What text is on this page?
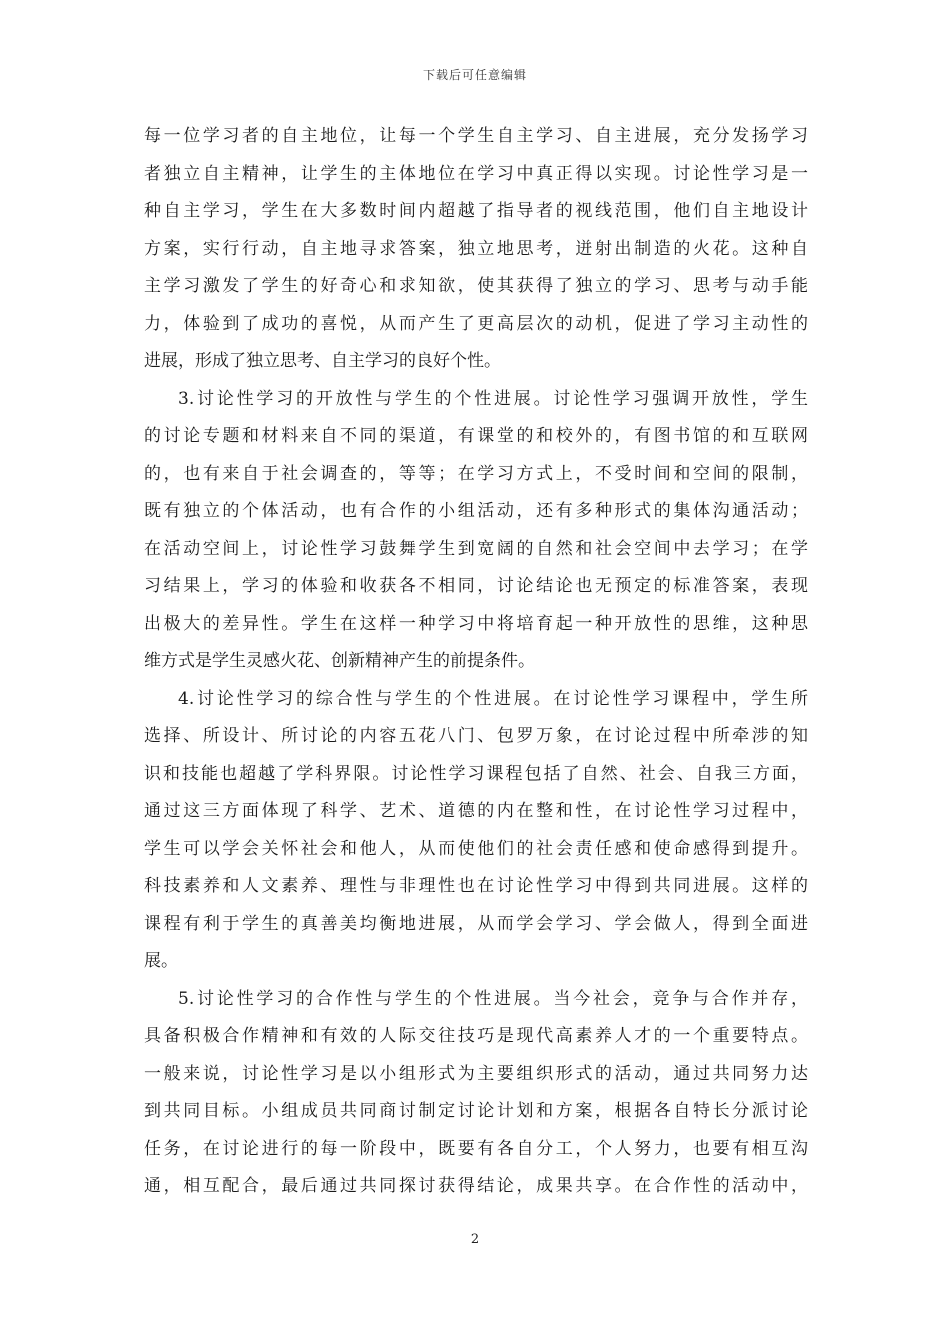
下载后可任意编辑
每一位学习者的自主地位，让每一个学生自主学习、自主进展，充分发扬学习
者独立自主精神，让学生的主体地位在学习中真正得以实现。讨论性学习是一
种自主学习，学生在大多数时间内超越了指导者的视线范围，他们自主地设计
方案，实行行动，自主地寻求答案，独立地思考，迸射出制造的火花。这种自
主学习激发了学生的好奇心和求知欲，使其获得了独立的学习、思考与动手能
力，体验到了成功的喜悦，从而产生了更高层次的动机，促进了学习主动性的
进展，形成了独立思考、自主学习的良好个性。
3.讨论性学习的开放性与学生的个性进展。讨论性学习强调开放性，学生
的讨论专题和材料来自不同的渠道，有课堂的和校外的，有图书馆的和互联网
的，也有来自于社会调查的，等等；在学习方式上，不受时间和空间的限制，
既有独立的个体活动，也有合作的小组活动，还有多种形式的集体沟通活动；
在活动空间上，讨论性学习鼓舞学生到宽阔的自然和社会空间中去学习；在学
习结果上，学习的体验和收获各不相同，讨论结论也无预定的标准答案，表现
出极大的差异性。学生在这样一种学习中将培育起一种开放性的思维，这种思
维方式是学生灵感火花、创新精神产生的前提条件。
4.讨论性学习的综合性与学生的个性进展。在讨论性学习课程中，学生所
选择、所设计、所讨论的内容五花八门、包罗万象，在讨论过程中所牵涉的知
识和技能也超越了学科界限。讨论性学习课程包括了自然、社会、自我三方面，
通过这三方面体现了科学、艺术、道德的内在整和性，在讨论性学习过程中，
学生可以学会关怀社会和他人，从而使他们的社会责任感和使命感得到提升。
科技素养和人文素养、理性与非理性也在讨论性学习中得到共同进展。这样的
课程有利于学生的真善美均衡地进展，从而学会学习、学会做人，得到全面进
展。
5.讨论性学习的合作性与学生的个性进展。当今社会，竞争与合作并存，
具备积极合作精神和有效的人际交往技巧是现代高素养人才的一个重要特点。
一般来说，讨论性学习是以小组形式为主要组织形式的活动，通过共同努力达
到共同目标。小组成员共同商讨制定讨论计划和方案，根据各自特长分派讨论
任务，在讨论进行的每一阶段中，既要有各自分工，个人努力，也要有相互沟
通，相互配合，最后通过共同探讨获得结论，成果共享。在合作性的活动中，
2
